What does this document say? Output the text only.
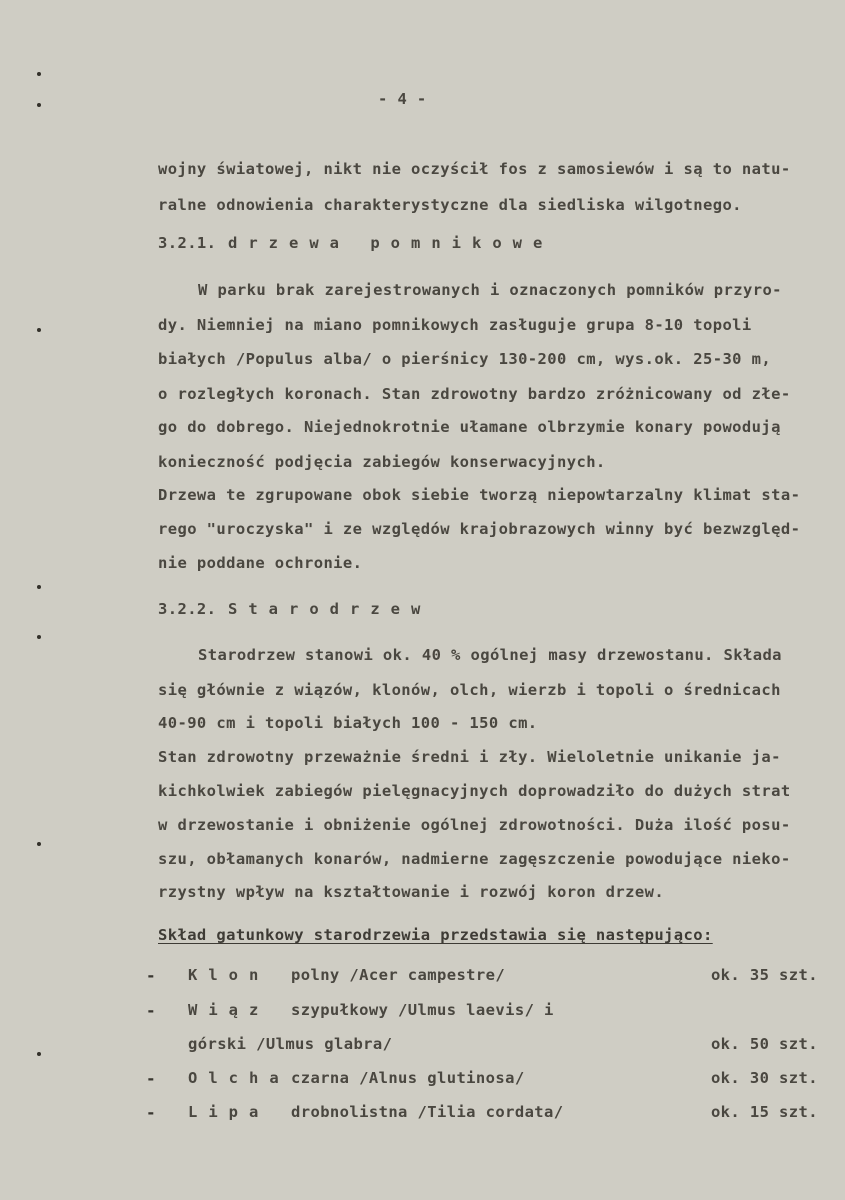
- 4 -
wojny światowej, nikt nie oczyścił fos z samosiewów i są to natu-
ralne odnowienia charakterystyczne dla siedliska wilgotnego.
3.2.1. drzewa pomnikowe
W parku brak zarejestrowanych i oznaczonych pomników przyro-
dy. Niemniej na miano pomnikowych zasługuje grupa 8-10 topoli
białych /Populus alba/ o pierśnicy 130-200 cm, wys.ok. 25-30 m,
o rozległych koronach. Stan zdrowotny bardzo zróżnicowany od złe-
go do dobrego. Niejednokrotnie ułamane olbrzymie konary powodują
konieczność podjęcia zabiegów konserwacyjnych.
Drzewa te zgrupowane obok siebie tworzą niepowtarzalny klimat sta-
rego "uroczyska" i ze względów krajobrazowych winny być bezwzględ-
nie poddane ochronie.
3.2.2. Starodrzew
Starodrzew stanowi ok. 40 % ogólnej masy drzewostanu. Składa
się głównie z wiązów, klonów, olch, wierzb i topoli o średnicach
40-90 cm i topoli białych 100 - 150 cm.
Stan zdrowotny przeważnie średni i zły. Wieloletnie unikanie ja-
kichkolwiek zabiegów pielęgnacyjnych doprowadziło do dużych strat
w drzewostanie i obniżenie ogólnej zdrowotności. Duża ilość posu-
szu, obłamanych konarów, nadmierne zagęszczenie powodujące nieko-
rzystny wpływ na kształtowanie i rozwój koron drzew.
Skład gatunkowy starodrzewia przedstawia się następująco:
- Klon polny /Acer campestre/	ok. 35 szt.
- Wiąz szypułkowy /Ulmus laevis/ i
górski /Ulmus glabra/	ok. 50 szt.
- Olcha czarna /Alnus glutinosa/	ok. 30 szt.
- Lipa drobnolistna /Tilia cordata/	ok. 15 szt.
